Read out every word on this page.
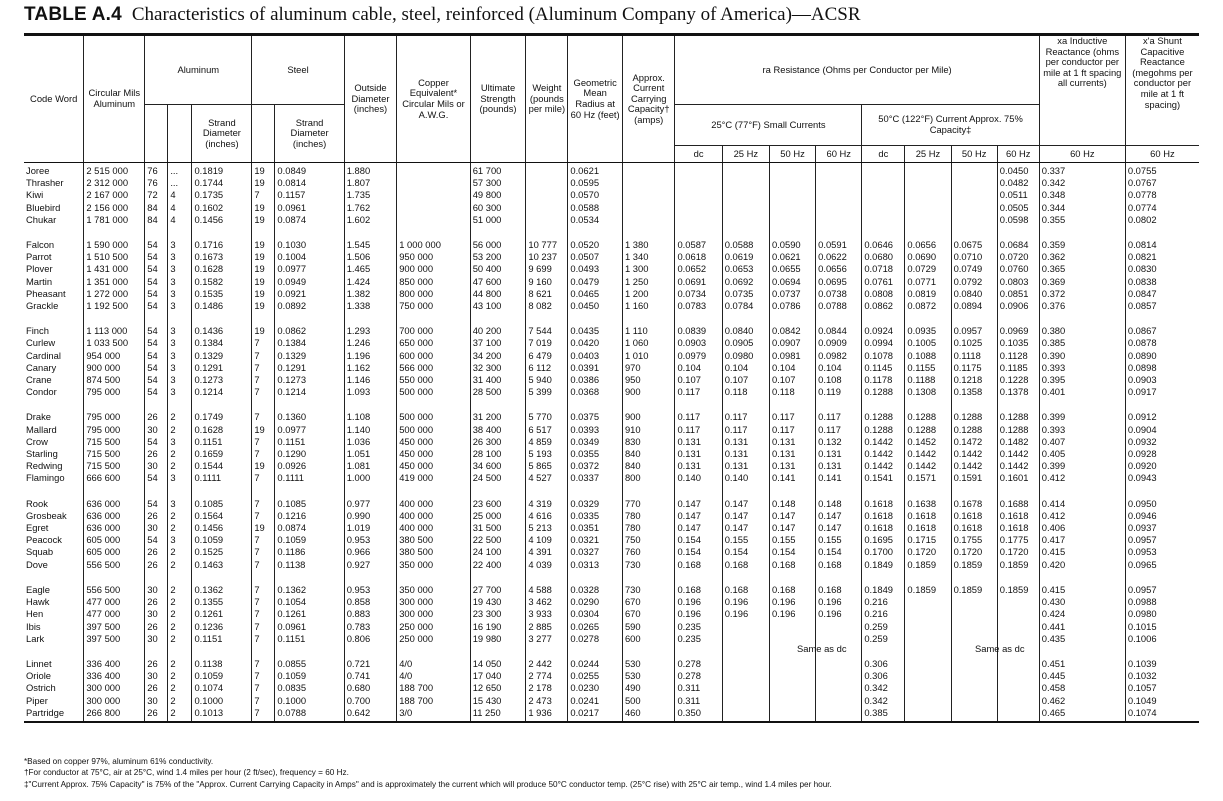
TABLE A.4 Characteristics of aluminum cable, steel, reinforced (Aluminum Company of America)—ACSR
Code Word	Circular Mils Aluminum	Aluminum			Steel		Outside Diameter (inches)	Copper Equivalent* Circular Mils or A.W.G.	Ultimate Strength (pounds)	Weight (pounds per mile)	Geometric Mean Radius at 60 Hz (feet)	Approx. Current Carrying Capacity† (amps)	ra Resistance (Ohms per Conductor per Mile)								xa Inductive Reactance (ohms per conductor per mile at 1 ft spacing all currents)	x'a Shunt Capacitive Reactance (megohms per conductor per mile at 1 ft spacing)
				Strand Diameter (inches)		Strand Diameter (inches)							25°C (77°F) Small Currents				50°C (122°F) Current Approx. 75% Capacity‡					
													dc	25 Hz	50 Hz	60 Hz	dc	25 Hz	50 Hz	60 Hz	60 Hz	60 Hz
Joree	2 515 000	76	...	0.1819	19	0.0849	1.880		61 700		0.0621									0.0450	0.337	0.0755
Thrasher	2 312 000	76	...	0.1744	19	0.0814	1.807		57 300		0.0595									0.0482	0.342	0.0767
Kiwi	2 167 000	72	4	0.1735	7	0.1157	1.735		49 800		0.0570									0.0511	0.348	0.0778
Bluebird	2 156 000	84	4	0.1602	19	0.0961	1.762		60 300		0.0588									0.0505	0.344	0.0774
Chukar	1 781 000	84	4	0.1456	19	0.0874	1.602		51 000		0.0534									0.0598	0.355	0.0802

Falcon	1 590 000	54	3	0.1716	19	0.1030	1.545	1 000 000	56 000	10 777	0.0520	1 380	0.0587	0.0588	0.0590	0.0591	0.0646	0.0656	0.0675	0.0684	0.359	0.0814
Parrot	1 510 500	54	3	0.1673	19	0.1004	1.506	950 000	53 200	10 237	0.0507	1 340	0.0618	0.0619	0.0621	0.0622	0.0680	0.0690	0.0710	0.0720	0.362	0.0821
Plover	1 431 000	54	3	0.1628	19	0.0977	1.465	900 000	50 400	9 699	0.0493	1 300	0.0652	0.0653	0.0655	0.0656	0.0718	0.0729	0.0749	0.0760	0.365	0.0830
Martin	1 351 000	54	3	0.1582	19	0.0949	1.424	850 000	47 600	9 160	0.0479	1 250	0.0691	0.0692	0.0694	0.0695	0.0761	0.0771	0.0792	0.0803	0.369	0.0838
Pheasant	1 272 000	54	3	0.1535	19	0.0921	1.382	800 000	44 800	8 621	0.0465	1 200	0.0734	0.0735	0.0737	0.0738	0.0808	0.0819	0.0840	0.0851	0.372	0.0847
Grackle	1 192 500	54	3	0.1486	19	0.0892	1.338	750 000	43 100	8 082	0.0450	1 160	0.0783	0.0784	0.0786	0.0788	0.0862	0.0872	0.0894	0.0906	0.376	0.0857

Finch	1 113 000	54	3	0.1436	19	0.0862	1.293	700 000	40 200	7 544	0.0435	1 110	0.0839	0.0840	0.0842	0.0844	0.0924	0.0935	0.0957	0.0969	0.380	0.0867
Curlew	1 033 500	54	3	0.1384	7	0.1384	1.246	650 000	37 100	7 019	0.0420	1 060	0.0903	0.0905	0.0907	0.0909	0.0994	0.1005	0.1025	0.1035	0.385	0.0878
Cardinal	954 000	54	3	0.1329	7	0.1329	1.196	600 000	34 200	6 479	0.0403	1 010	0.0979	0.0980	0.0981	0.0982	0.1078	0.1088	0.1118	0.1128	0.390	0.0890
Canary	900 000	54	3	0.1291	7	0.1291	1.162	566 000	32 300	6 112	0.0391	970	0.104	0.104	0.104	0.104	0.1145	0.1155	0.1175	0.1185	0.393	0.0898
Crane	874 500	54	3	0.1273	7	0.1273	1.146	550 000	31 400	5 940	0.0386	950	0.107	0.107	0.107	0.108	0.1178	0.1188	0.1218	0.1228	0.395	0.0903
Condor	795 000	54	3	0.1214	7	0.1214	1.093	500 000	28 500	5 399	0.0368	900	0.117	0.118	0.118	0.119	0.1288	0.1308	0.1358	0.1378	0.401	0.0917

Drake	795 000	26	2	0.1749	7	0.1360	1.108	500 000	31 200	5 770	0.0375	900	0.117	0.117	0.117	0.117	0.1288	0.1288	0.1288	0.1288	0.399	0.0912
Mallard	795 000	30	2	0.1628	19	0.0977	1.140	500 000	38 400	6 517	0.0393	910	0.117	0.117	0.117	0.117	0.1288	0.1288	0.1288	0.1288	0.393	0.0904
Crow	715 500	54	3	0.1151	7	0.1151	1.036	450 000	26 300	4 859	0.0349	830	0.131	0.131	0.131	0.132	0.1442	0.1452	0.1472	0.1482	0.407	0.0932
Starling	715 500	26	2	0.1659	7	0.1290	1.051	450 000	28 100	5 193	0.0355	840	0.131	0.131	0.131	0.131	0.1442	0.1442	0.1442	0.1442	0.405	0.0928
Redwing	715 500	30	2	0.1544	19	0.0926	1.081	450 000	34 600	5 865	0.0372	840	0.131	0.131	0.131	0.131	0.1442	0.1442	0.1442	0.1442	0.399	0.0920
Flamingo	666 600	54	3	0.1111	7	0.1111	1.000	419 000	24 500	4 527	0.0337	800	0.140	0.140	0.141	0.141	0.1541	0.1571	0.1591	0.1601	0.412	0.0943

Rook	636 000	54	3	0.1085	7	0.1085	0.977	400 000	23 600	4 319	0.0329	770	0.147	0.147	0.148	0.148	0.1618	0.1638	0.1678	0.1688	0.414	0.0950
Grosbeak	636 000	26	2	0.1564	7	0.1216	0.990	400 000	25 000	4 616	0.0335	780	0.147	0.147	0.147	0.147	0.1618	0.1618	0.1618	0.1618	0.412	0.0946
Egret	636 000	30	2	0.1456	19	0.0874	1.019	400 000	31 500	5 213	0.0351	780	0.147	0.147	0.147	0.147	0.1618	0.1618	0.1618	0.1618	0.406	0.0937
Peacock	605 000	54	3	0.1059	7	0.1059	0.953	380 500	22 500	4 109	0.0321	750	0.154	0.155	0.155	0.155	0.1695	0.1715	0.1755	0.1775	0.417	0.0957
Squab	605 000	26	2	0.1525	7	0.1186	0.966	380 500	24 100	4 391	0.0327	760	0.154	0.154	0.154	0.154	0.1700	0.1720	0.1720	0.1720	0.415	0.0953
Dove	556 500	26	2	0.1463	7	0.1138	0.927	350 000	22 400	4 039	0.0313	730	0.168	0.168	0.168	0.168	0.1849	0.1859	0.1859	0.1859	0.420	0.0965

Eagle	556 500	30	2	0.1362	7	0.1362	0.953	350 000	27 700	4 588	0.0328	730	0.168	0.168	0.168	0.168	0.1849	0.1859	0.1859	0.1859	0.415	0.0957
Hawk	477 000	26	2	0.1355	7	0.1054	0.858	300 000	19 430	3 462	0.0290	670	0.196	0.196	0.196	0.196	0.216				0.430	0.0988
Hen	477 000	30	2	0.1261	7	0.1261	0.883	300 000	23 300	3 933	0.0304	670	0.196	0.196	0.196	0.196	0.216				0.424	0.0980
Ibis	397 500	26	2	0.1236	7	0.0961	0.783	250 000	16 190	2 885	0.0265	590	0.235				0.259				0.441	0.1015
Lark	397 500	30	2	0.1151	7	0.1151	0.806	250 000	19 980	3 277	0.0278	600	0.235				0.259				0.435	0.1006

Linnet	336 400	26	2	0.1138	7	0.0855	0.721	4/0	14 050	2 442	0.0244	530	0.278				0.306				0.451	0.1039
Oriole	336 400	30	2	0.1059	7	0.1059	0.741	4/0	17 040	2 774	0.0255	530	0.278				0.306				0.445	0.1032
Ostrich	300 000	26	2	0.1074	7	0.0835	0.680	188 700	12 650	2 178	0.0230	490	0.311				0.342				0.458	0.1057
Piper	300 000	30	2	0.1000	7	0.1000	0.700	188 700	15 430	2 473	0.0241	500	0.311				0.342				0.462	0.1049
Partridge	266 800	26	2	0.1013	7	0.0788	0.642	3/0	11 250	1 936	0.0217	460	0.350				0.385				0.465	0.1074
Same as dc	Same as dc
*Based on copper 97%, aluminum 61% conductivity.
†For conductor at 75°C, air at 25°C, wind 1.4 miles per hour (2 ft/sec), frequency = 60 Hz.
‡"Current Approx. 75% Capacity" is 75% of the "Approx. Current Carrying Capacity in Amps" and is approximately the current which will produce 50°C conductor temp. (25°C rise) with 25°C air temp., wind 1.4 miles per hour.
